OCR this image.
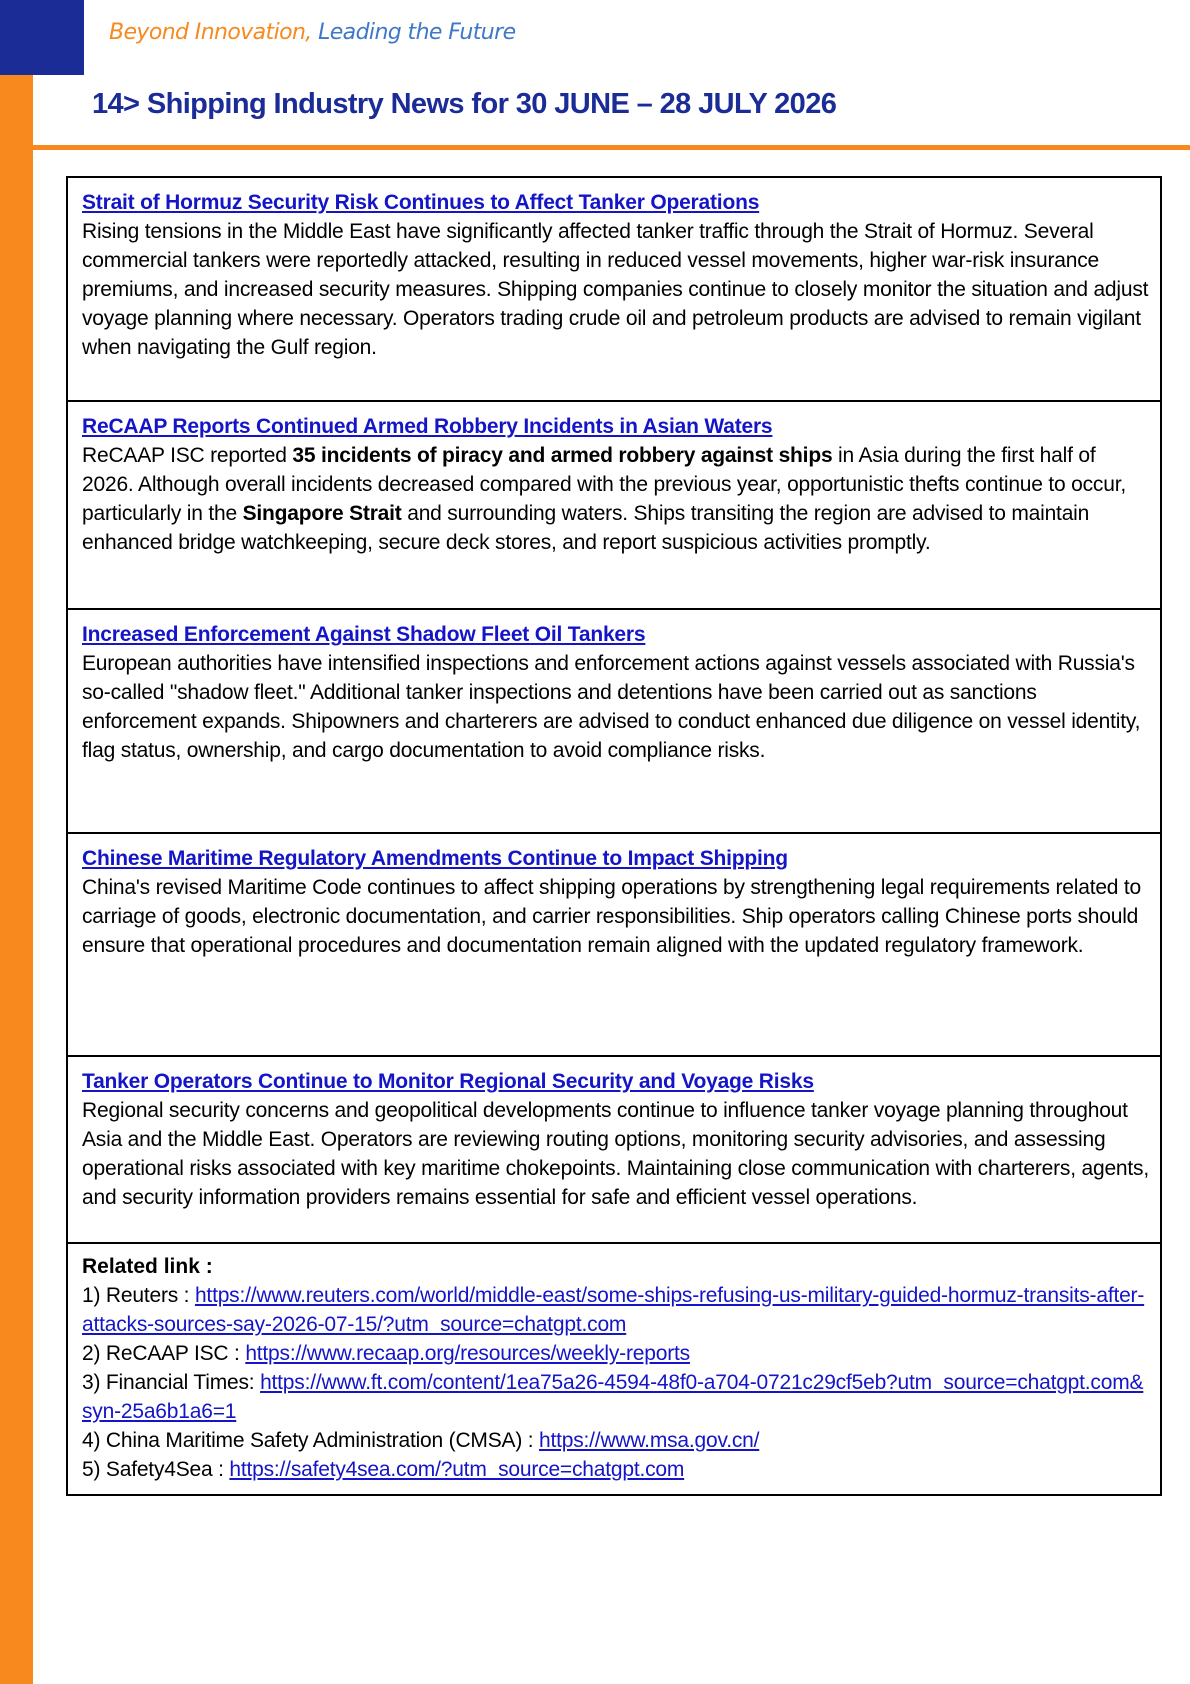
Beyond Innovation, Leading the Future
14> Shipping Industry News for 30 JUNE – 28 JULY 2026
Strait of Hormuz Security Risk Continues to Affect Tanker Operations

Rising tensions in the Middle East have significantly affected tanker traffic through the Strait of Hormuz. Several commercial tankers were reportedly attacked, resulting in reduced vessel movements, higher war-risk insurance premiums, and increased security measures. Shipping companies continue to closely monitor the situation and adjust voyage planning where necessary. Operators trading crude oil and petroleum products are advised to remain vigilant when navigating the Gulf region.

ReCAAP Reports Continued Armed Robbery Incidents in Asian Waters

ReCAAP ISC reported 35 incidents of piracy and armed robbery against ships in Asia during the first half of 2026. Although overall incidents decreased compared with the previous year, opportunistic thefts continue to occur, particularly in the Singapore Strait and surrounding waters. Ships transiting the region are advised to maintain enhanced bridge watchkeeping, secure deck stores, and report suspicious activities promptly.

Increased Enforcement Against Shadow Fleet Oil Tankers

European authorities have intensified inspections and enforcement actions against vessels associated with Russia's so-called "shadow fleet." Additional tanker inspections and detentions have been carried out as sanctions enforcement expands. Shipowners and charterers are advised to conduct enhanced due diligence on vessel identity, flag status, ownership, and cargo documentation to avoid compliance risks.

Chinese Maritime Regulatory Amendments Continue to Impact Shipping

China's revised Maritime Code continues to affect shipping operations by strengthening legal requirements related to carriage of goods, electronic documentation, and carrier responsibilities. Ship operators calling Chinese ports should ensure that operational procedures and documentation remain aligned with the updated regulatory framework.

Tanker Operators Continue to Monitor Regional Security and Voyage Risks

Regional security concerns and geopolitical developments continue to influence tanker voyage planning throughout Asia and the Middle East. Operators are reviewing routing options, monitoring security advisories, and assessing operational risks associated with key maritime chokepoints. Maintaining close communication with charterers, agents, and security information providers remains essential for safe and efficient vessel operations.

Related link :
1) Reuters : https://www.reuters.com/world/middle-east/some-ships-refusing-us-military-guided-hormuz-transits-after-attacks-sources-say-2026-07-15/?utm_source=chatgpt.com
2) ReCAAP ISC : https://www.recaap.org/resources/weekly-reports
3) Financial Times: https://www.ft.com/content/1ea75a26-4594-48f0-a704-0721c29cf5eb?utm_source=chatgpt.com&syn-25a6b1a6=1
4) China Maritime Safety Administration (CMSA) : https://www.msa.gov.cn/
5) Safety4Sea : https://safety4sea.com/?utm_source=chatgpt.com
